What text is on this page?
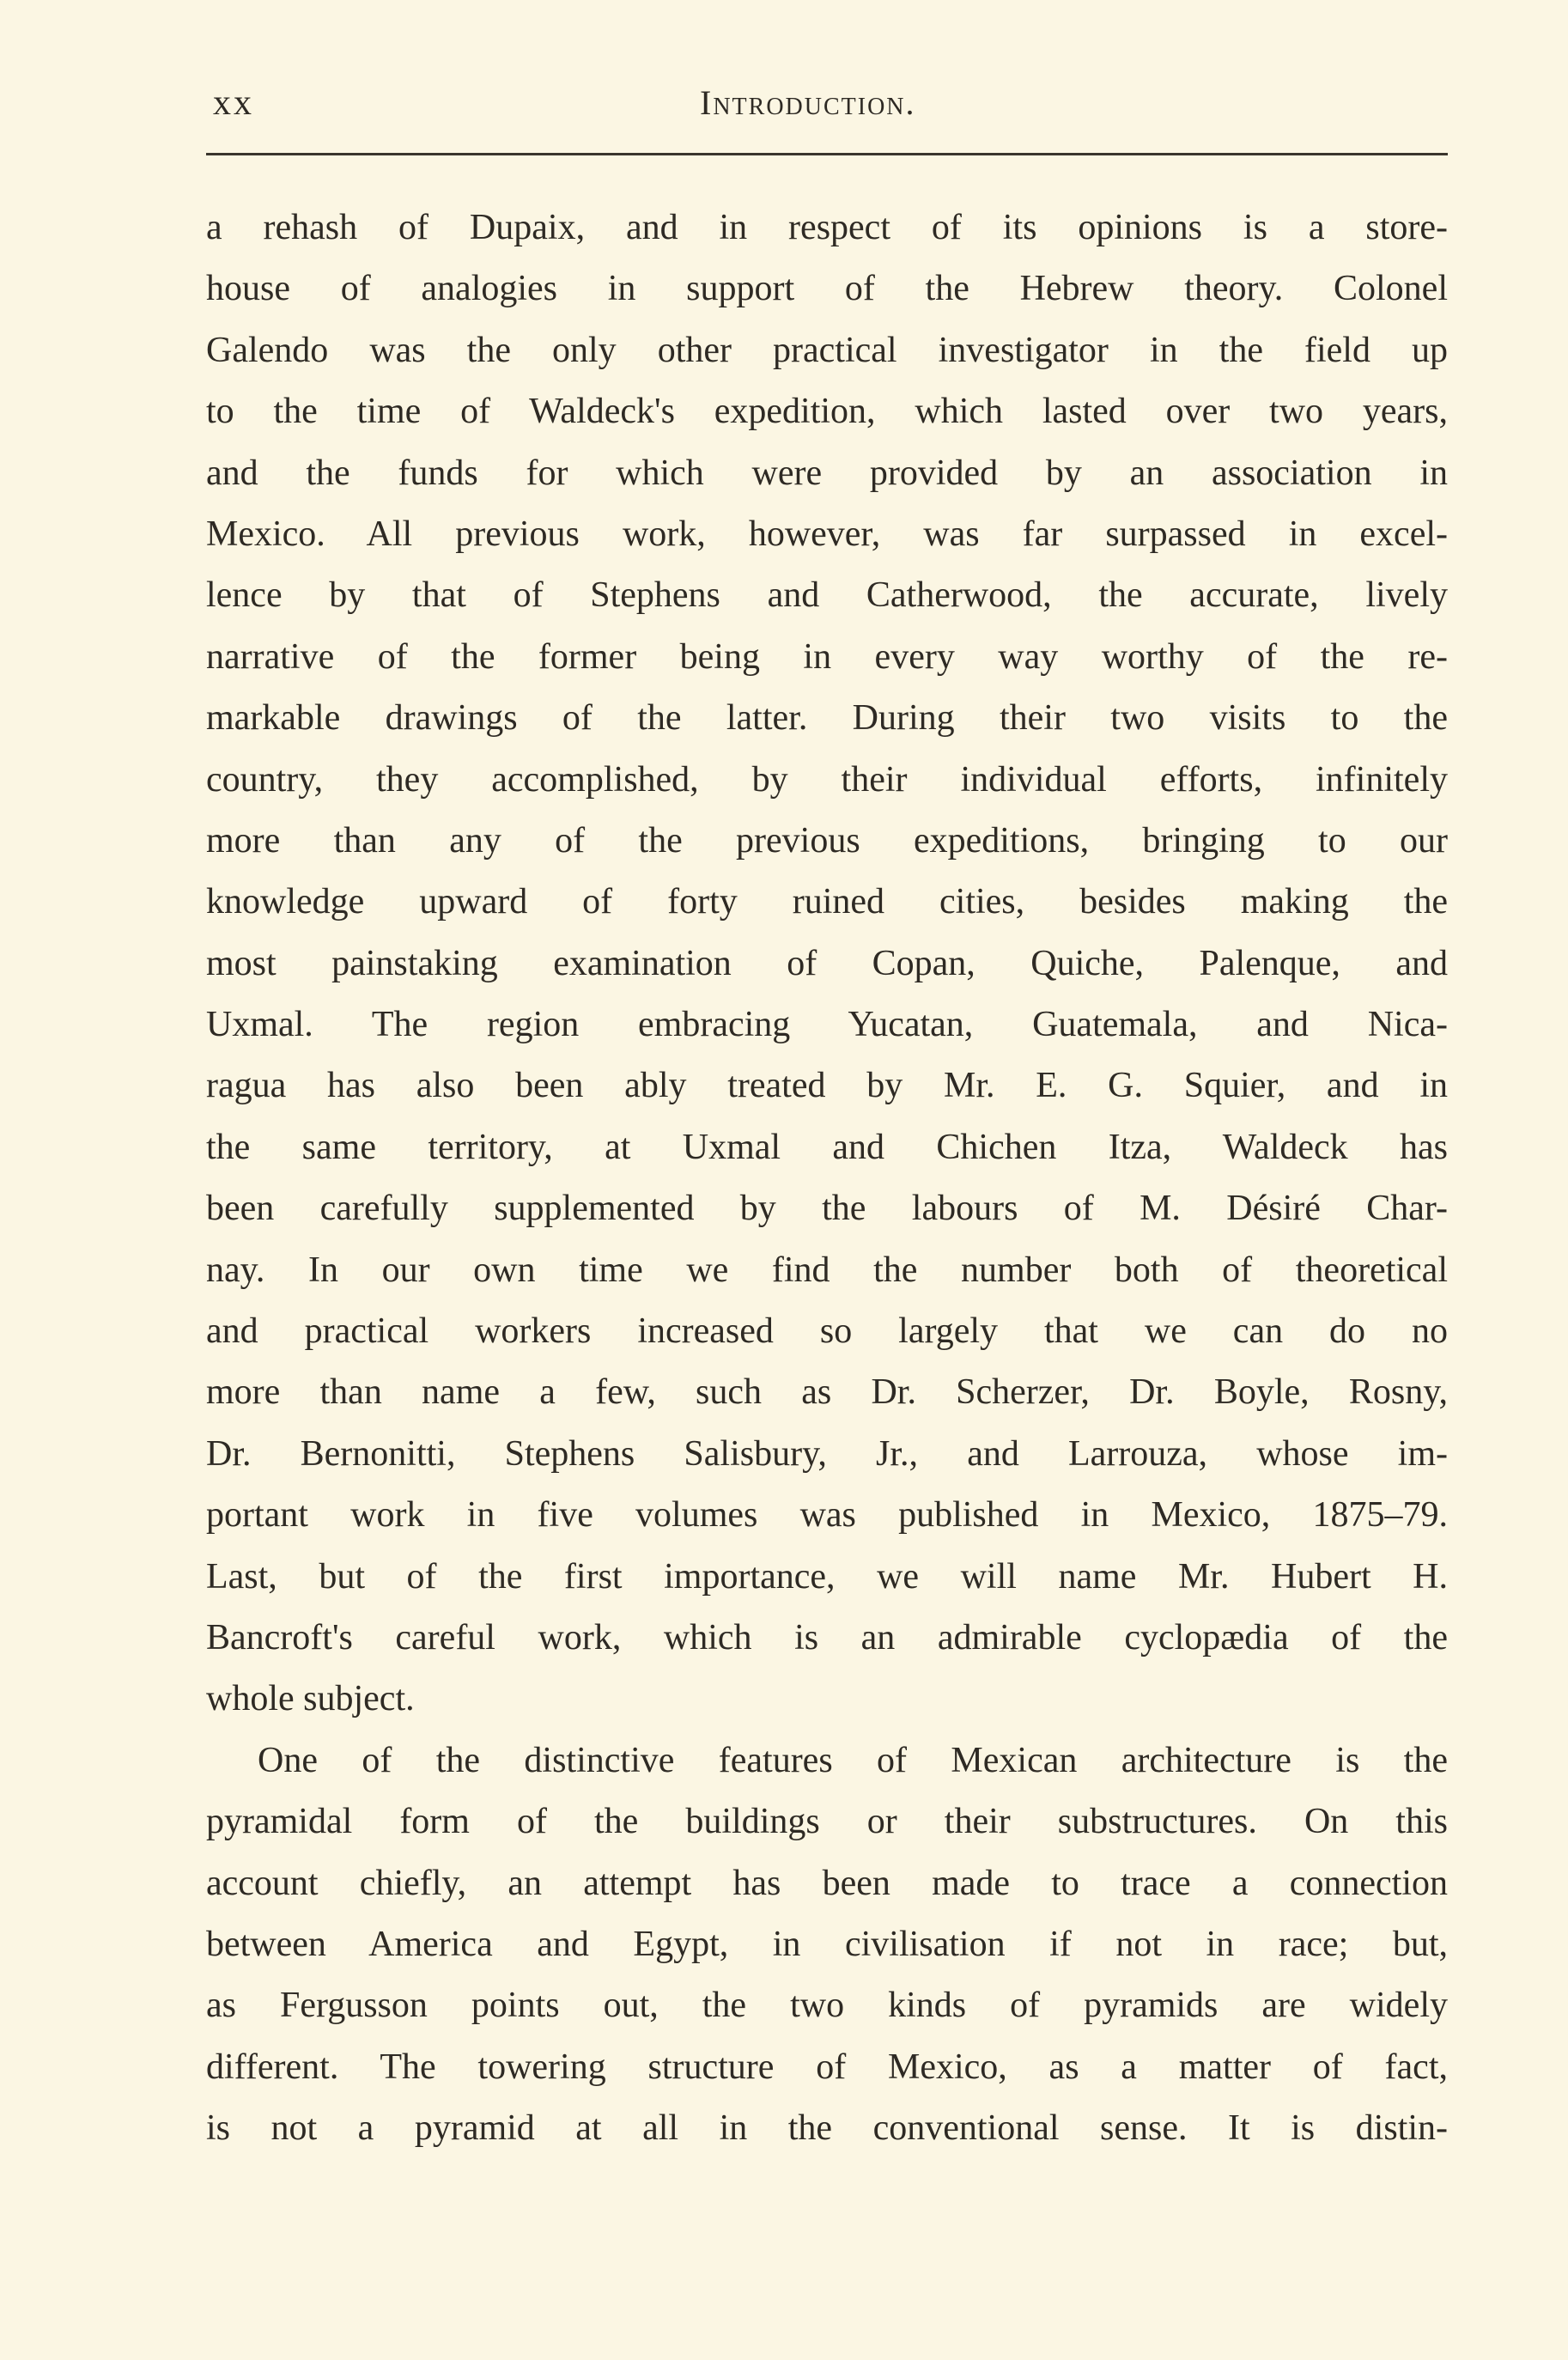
xx	Introduction.
a rehash of Dupaix, and in respect of its opinions is a store-
house of analogies in support of the Hebrew theory. Colonel
Galendo was the only other practical investigator in the field up
to the time of Waldeck's expedition, which lasted over two years,
and the funds for which were provided by an association in
Mexico. All previous work, however, was far surpassed in excel-
lence by that of Stephens and Catherwood, the accurate, lively
narrative of the former being in every way worthy of the re-
markable drawings of the latter. During their two visits to the
country, they accomplished, by their individual efforts, infinitely
more than any of the previous expeditions, bringing to our
knowledge upward of forty ruined cities, besides making the
most painstaking examination of Copan, Quiche, Palenque, and
Uxmal. The region embracing Yucatan, Guatemala, and Nica-
ragua has also been ably treated by Mr. E. G. Squier, and in
the same territory, at Uxmal and Chichen Itza, Waldeck has
been carefully supplemented by the labours of M. Désiré Char-
nay. In our own time we find the number both of theoretical
and practical workers increased so largely that we can do no
more than name a few, such as Dr. Scherzer, Dr. Boyle, Rosny,
Dr. Bernonitti, Stephens Salisbury, Jr., and Larrouza, whose im-
portant work in five volumes was published in Mexico, 1875–79.
Last, but of the first importance, we will name Mr. Hubert H.
Bancroft's careful work, which is an admirable cyclopædia of the
whole subject.
One of the distinctive features of Mexican architecture is the
pyramidal form of the buildings or their substructures. On this
account chiefly, an attempt has been made to trace a connection
between America and Egypt, in civilisation if not in race; but,
as Fergusson points out, the two kinds of pyramids are widely
different. The towering structure of Mexico, as a matter of fact,
is not a pyramid at all in the conventional sense. It is distin-
